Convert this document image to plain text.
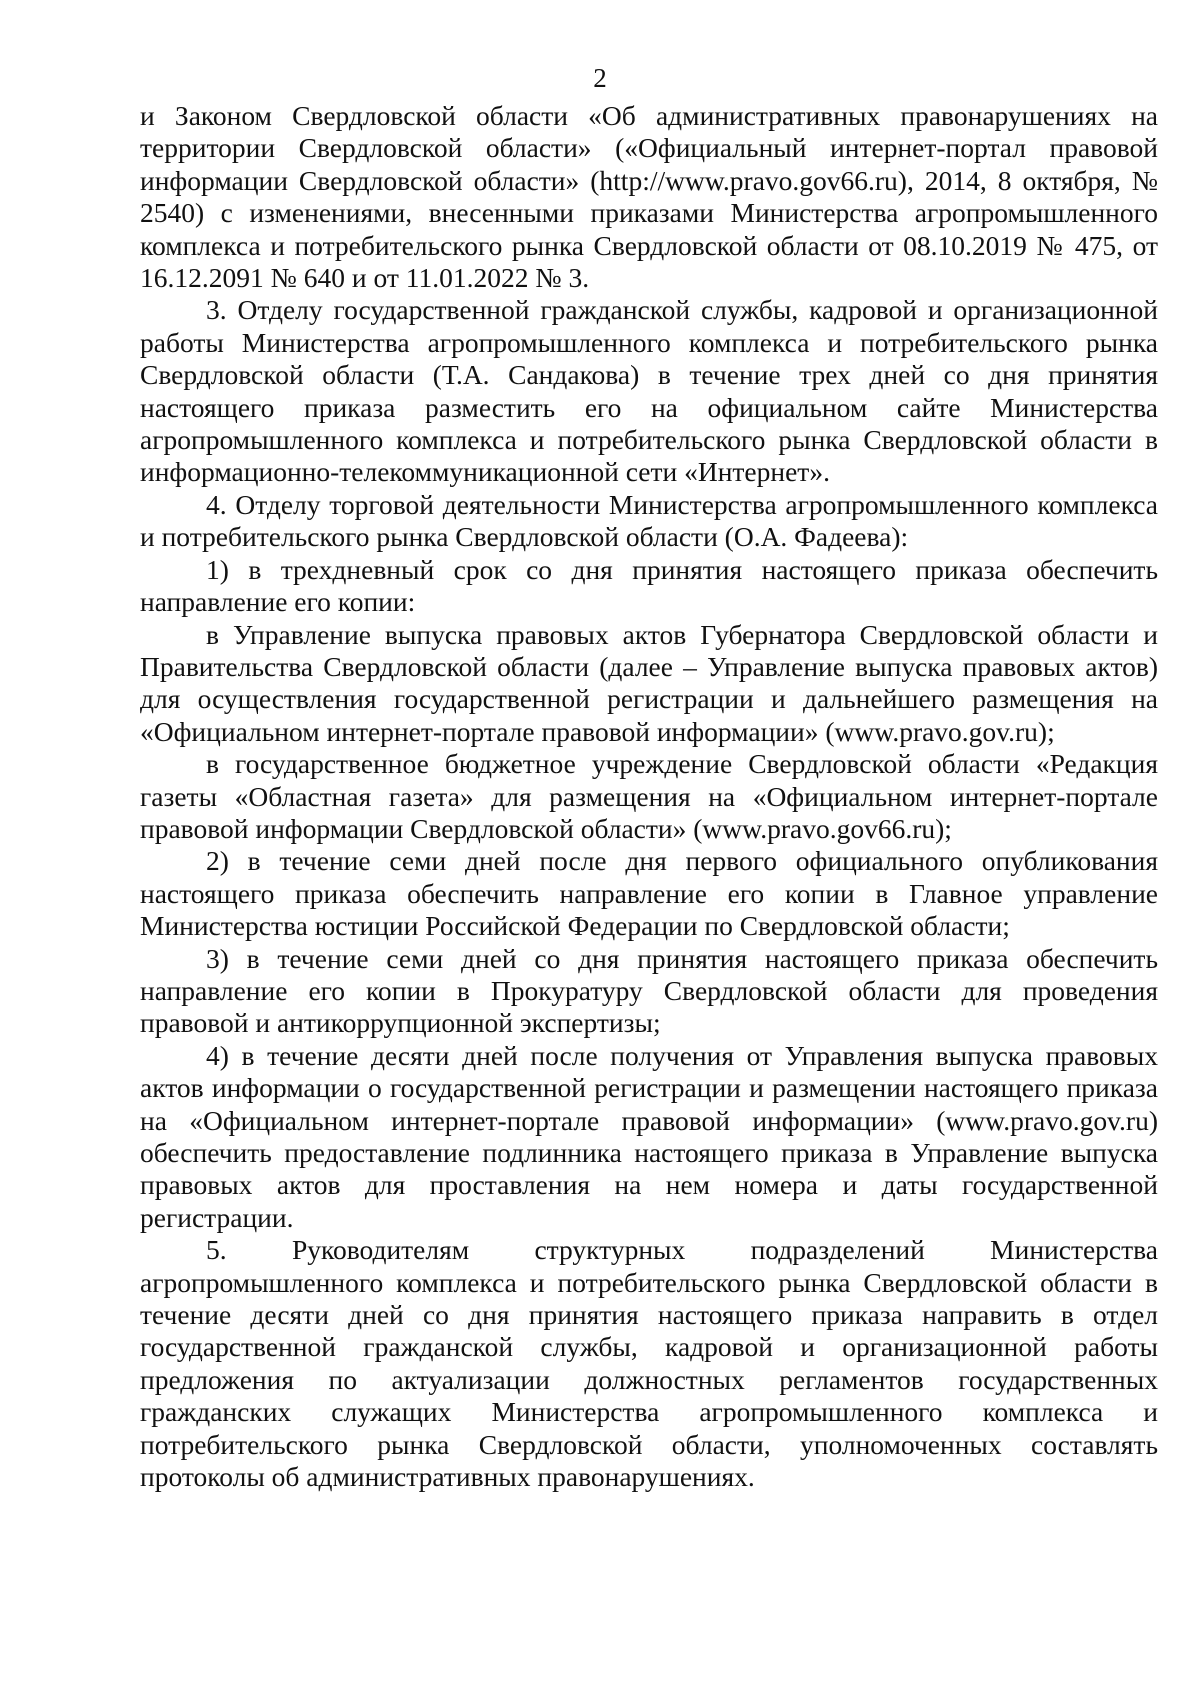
2

и Законом Свердловской области «Об административных правонарушениях на территории Свердловской области» («Официальный интернет-портал правовой информации Свердловской области» (http://www.pravo.gov66.ru), 2014, 8 октября, № 2540) с изменениями, внесенными приказами Министерства агропромышленного комплекса и потребительского рынка Свердловской области от 08.10.2019 № 475, от 16.12.2091 № 640 и от 11.01.2022 № 3.

3. Отделу государственной гражданской службы, кадровой и организационной работы Министерства агропромышленного комплекса и потребительского рынка Свердловской области (Т.А. Сандакова) в течение трех дней со дня принятия настоящего приказа разместить его на официальном сайте Министерства агропромышленного комплекса и потребительского рынка Свердловской области в информационно-телекоммуникационной сети «Интернет».

4. Отделу торговой деятельности Министерства агропромышленного комплекса и потребительского рынка Свердловской области (О.А. Фадеева):

1) в трехдневный срок со дня принятия настоящего приказа обеспечить направление его копии:

в Управление выпуска правовых актов Губернатора Свердловской области и Правительства Свердловской области (далее – Управление выпуска правовых актов) для осуществления государственной регистрации и дальнейшего размещения на «Официальном интернет-портале правовой информации» (www.pravo.gov.ru);

в государственное бюджетное учреждение Свердловской области «Редакция газеты «Областная газета» для размещения на «Официальном интернет-портале правовой информации Свердловской области» (www.pravo.gov66.ru);

2) в течение семи дней после дня первого официального опубликования настоящего приказа обеспечить направление его копии в Главное управление Министерства юстиции Российской Федерации по Свердловской области;

3) в течение семи дней со дня принятия настоящего приказа обеспечить направление его копии в Прокуратуру Свердловской области для проведения правовой и антикоррупционной экспертизы;

4) в течение десяти дней после получения от Управления выпуска правовых актов информации о государственной регистрации и размещении настоящего приказа на «Официальном интернет-портале правовой информации» (www.pravo.gov.ru) обеспечить предоставление подлинника настоящего приказа в Управление выпуска правовых актов для проставления на нем номера и даты государственной регистрации.

5. Руководителям структурных подразделений Министерства агропромышленного комплекса и потребительского рынка Свердловской области в течение десяти дней со дня принятия настоящего приказа направить в отдел государственной гражданской службы, кадровой и организационной работы предложения по актуализации должностных регламентов государственных гражданских служащих Министерства агропромышленного комплекса и потребительского рынка Свердловской области, уполномоченных составлять протоколы об административных правонарушениях.
